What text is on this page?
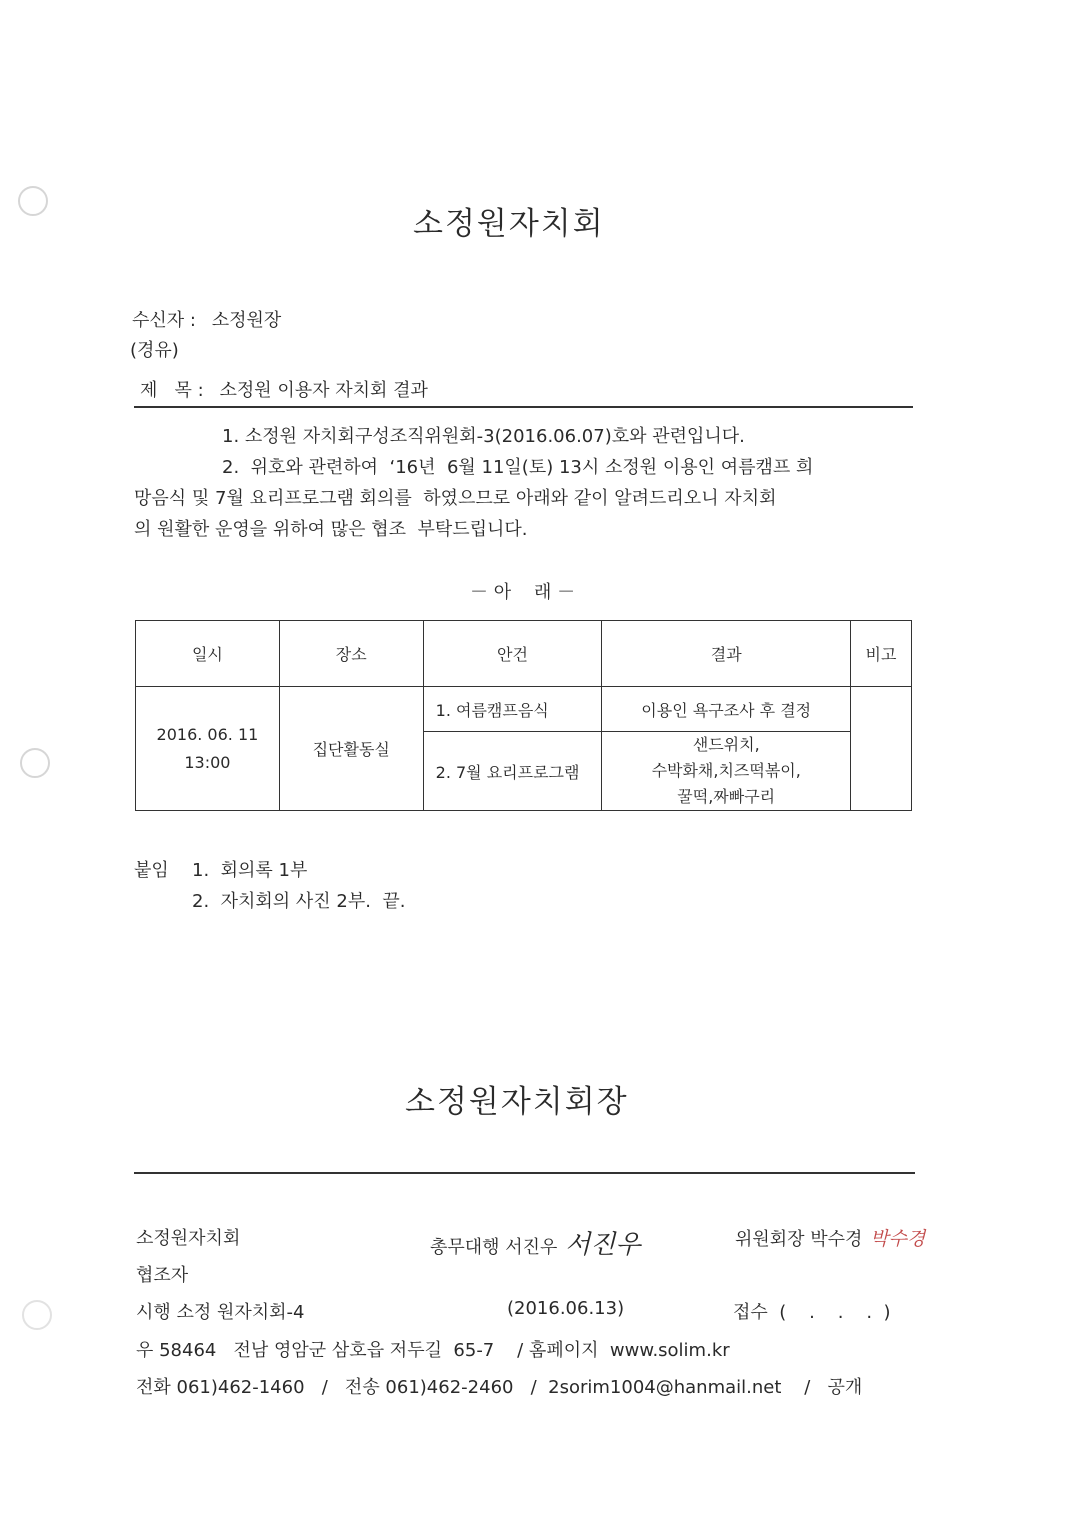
소정원자치회
수신자 : 소정원장
(경유)
제   목 : 소정원 이용자 자치회 결과
1. 소정원 자치회구성조직위원회-3(2016.06.07)호와 관련입니다.
2.  위호와 관련하여  ‘16년  6월 11일(토) 13시 소정원 이용인 여름캠프 희
망음식 및 7월 요리프로그램 회의를  하였으므로 아래와 같이 알려드리오니 자치회
의 원활한 운영을 위하여 많은 협조  부탁드립니다.
－ 아    래 －
일시	장소	안건	결과	비고

2016. 06. 11
13:00	집단활동실	1. 여름캠프음식	이용인 욕구조사 후 결정	
		2. 7월 요리프로그램	샌드위치,
수박화채,치즈떡볶이,
꿀떡,짜빠구리	
붙임 1.  회의록 1부
2.  자치회의 사진 2부.  끝.
소정원자치회장
소정원자치회	총무대행 서진우 서진우	위원회장 박수경 박수경
협조자
시행 소정 원자치회-4	(2016.06.13)	접수  (    .    .    .  )
우 58464   전남 영암군 삼호읍 저두길  65-7    / 홈페이지  www.solim.kr
전화 061)462-1460   /   전송 061)462-2460   /  2sorim1004@hanmail.net    /   공개
